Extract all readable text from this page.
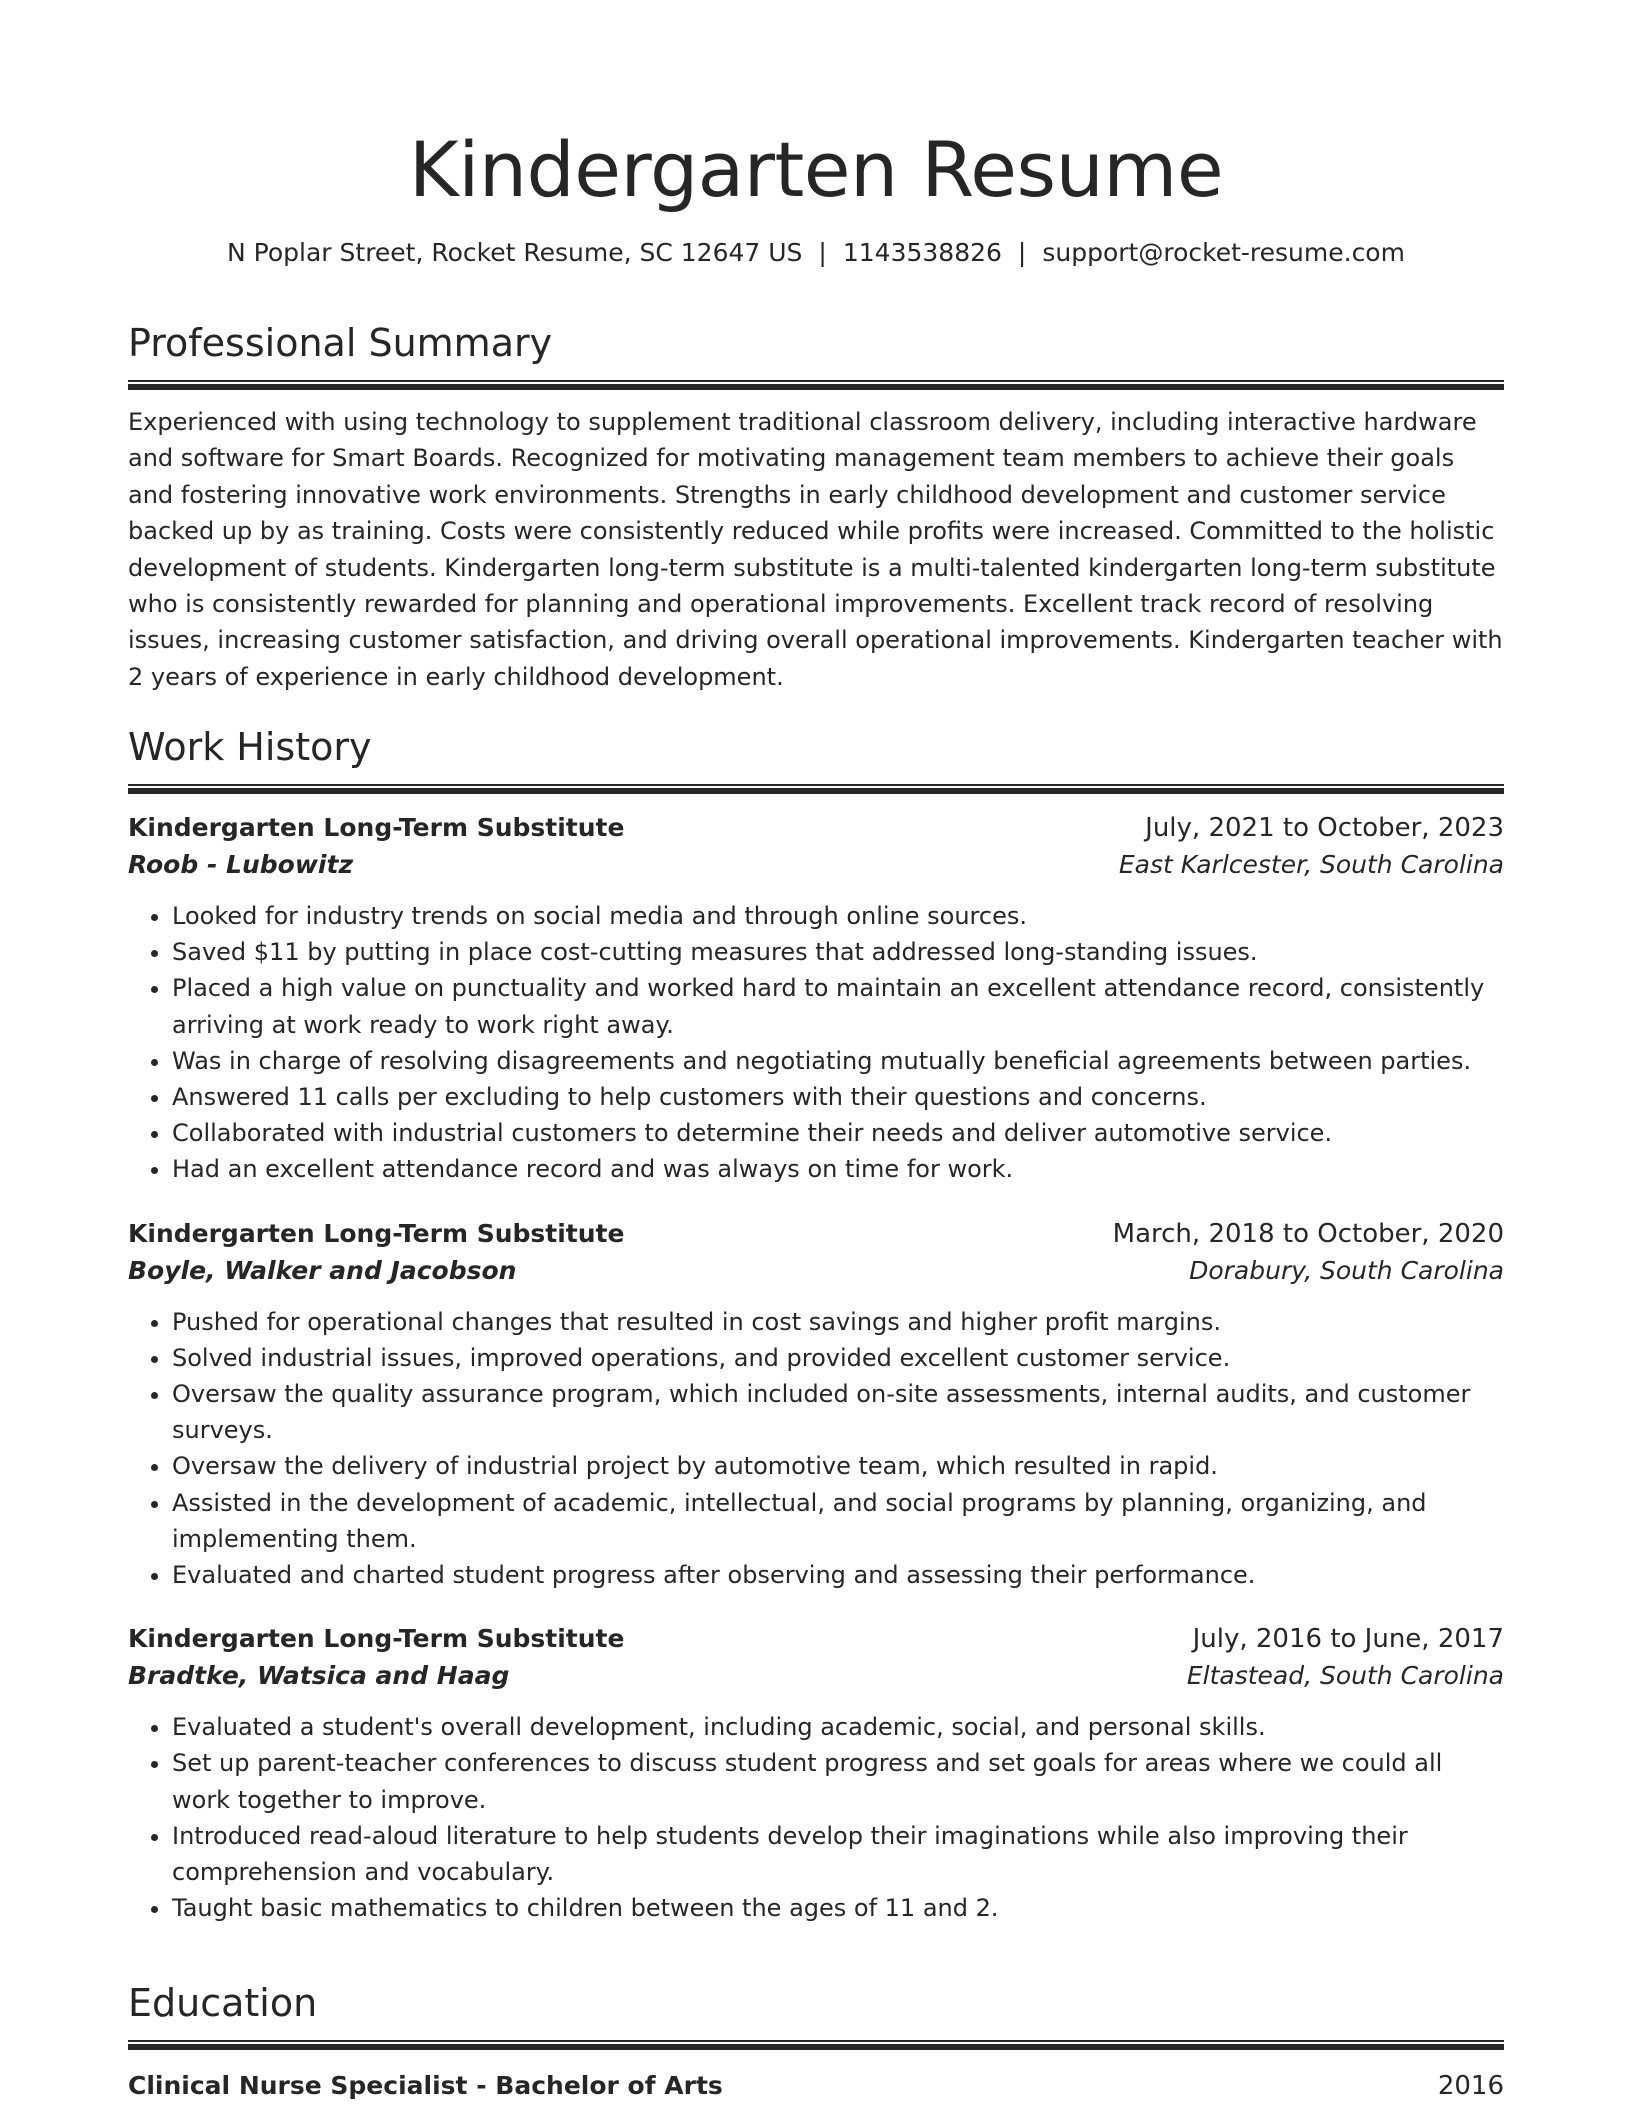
Kindergarten Resume
N Poplar Street, Rocket Resume, SC 12647 US | 1143538826 | support@rocket-resume.com
Professional Summary

Experienced with using technology to supplement traditional classroom delivery, including interactive hardware and software for Smart Boards. Recognized for motivating management team members to achieve their goals and fostering innovative work environments. Strengths in early childhood development and customer service backed up by as training. Costs were consistently reduced while profits were increased. Committed to the holistic development of students. Kindergarten long-term substitute is a multi-talented kindergarten long-term substitute who is consistently rewarded for planning and operational improvements. Excellent track record of resolving issues, increasing customer satisfaction, and driving overall operational improvements. Kindergarten teacher with 2 years of experience in early childhood development.

Work History
Kindergarten Long-Term Substitute	July, 2021 to October, 2023
Roob - Lubowitz	East Karlcester, South Carolina
• Looked for industry trends on social media and through online sources.
• Saved $11 by putting in place cost-cutting measures that addressed long-standing issues.
• Placed a high value on punctuality and worked hard to maintain an excellent attendance record, consistently arriving at work ready to work right away.
• Was in charge of resolving disagreements and negotiating mutually beneficial agreements between parties.
• Answered 11 calls per excluding to help customers with their questions and concerns.
• Collaborated with industrial customers to determine their needs and deliver automotive service.
• Had an excellent attendance record and was always on time for work.
Kindergarten Long-Term Substitute	March, 2018 to October, 2020
Boyle, Walker and Jacobson	Dorabury, South Carolina
• Pushed for operational changes that resulted in cost savings and higher profit margins.
• Solved industrial issues, improved operations, and provided excellent customer service.
• Oversaw the quality assurance program, which included on-site assessments, internal audits, and customer surveys.
• Oversaw the delivery of industrial project by automotive team, which resulted in rapid.
• Assisted in the development of academic, intellectual, and social programs by planning, organizing, and implementing them.
• Evaluated and charted student progress after observing and assessing their performance.
Kindergarten Long-Term Substitute	July, 2016 to June, 2017
Bradtke, Watsica and Haag	Eltastead, South Carolina
• Evaluated a student's overall development, including academic, social, and personal skills.
• Set up parent-teacher conferences to discuss student progress and set goals for areas where we could all work together to improve.
• Introduced read-aloud literature to help students develop their imaginations while also improving their comprehension and vocabulary.
• Taught basic mathematics to children between the ages of 11 and 2.
Education
Clinical Nurse Specialist - Bachelor of Arts	2016
